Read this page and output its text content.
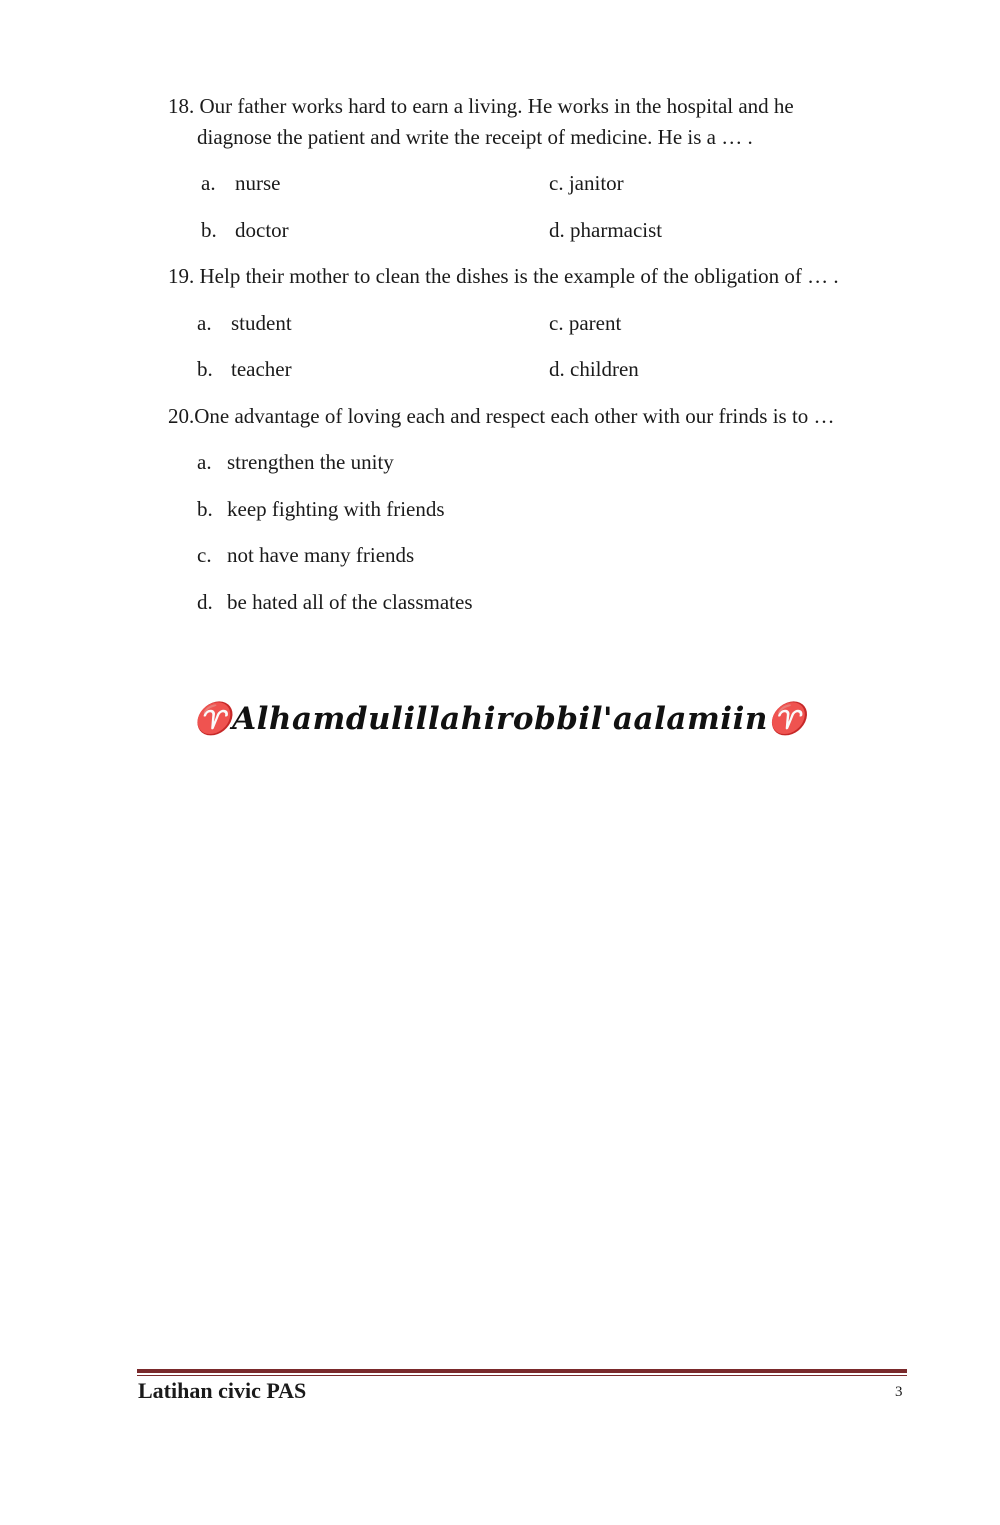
18. Our father works hard to earn a living. He works in the hospital and he
diagnose the patient and write the receipt of medicine. He is a … .
a. nurse
b. doctor
c. janitor
d. pharmacist
19. Help their mother to clean the dishes is the example of the obligation of … .
a. student
b. teacher
c. parent
d. children
20.One advantage of loving each and respect each other with our frinds is to …
a. strengthen the unity
b. keep fighting with friends
c. not have many friends
d. be hated all of the classmates
♈Alhamdulillahirobbil'aalamiin♈
Latihan civic PAS	3
